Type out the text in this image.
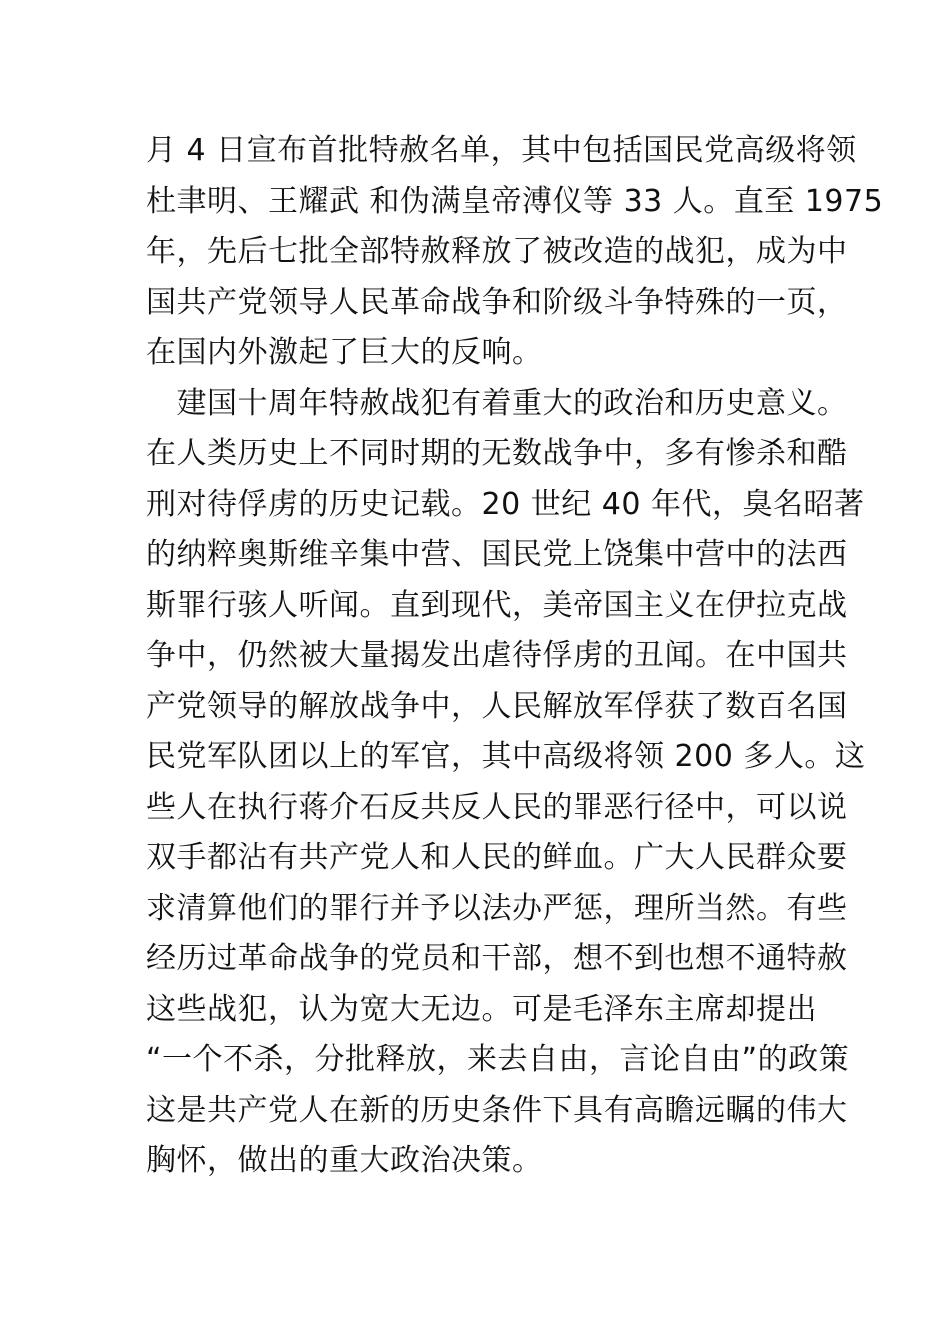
月 4 日宣布首批特赦名单，其中包括国民党高级将领
杜聿明、王耀武 和伪满皇帝溥仪等 33 人。直至 1975
年，先后七批全部特赦释放了被改造的战犯，成为中
国共产党领导人民革命战争和阶级斗争特殊的一页，
在国内外激起了巨大的反响。
　建国十周年特赦战犯有着重大的政治和历史意义。
在人类历史上不同时期的无数战争中，多有惨杀和酷
刑对待俘虏的历史记载。20 世纪 40 年代，臭名昭著
的纳粹奥斯维辛集中营、国民党上饶集中营中的法西
斯罪行骇人听闻。直到现代，美帝国主义在伊拉克战
争中，仍然被大量揭发出虐待俘虏的丑闻。在中国共
产党领导的解放战争中，人民解放军俘获了数百名国
民党军队团以上的军官，其中高级将领 200 多人。这
些人在执行蒋介石反共反人民的罪恶行径中，可以说
双手都沾有共产党人和人民的鲜血。广大人民群众要
求清算他们的罪行并予以法办严惩，理所当然。有些
经历过革命战争的党员和干部，想不到也想不通特赦
这些战犯，认为宽大无边。可是毛泽东主席却提出
“一个不杀，分批释放，来去自由，言论自由”的政策
这是共产党人在新的历史条件下具有高瞻远瞩的伟大
胸怀，做出的重大政治决策。
